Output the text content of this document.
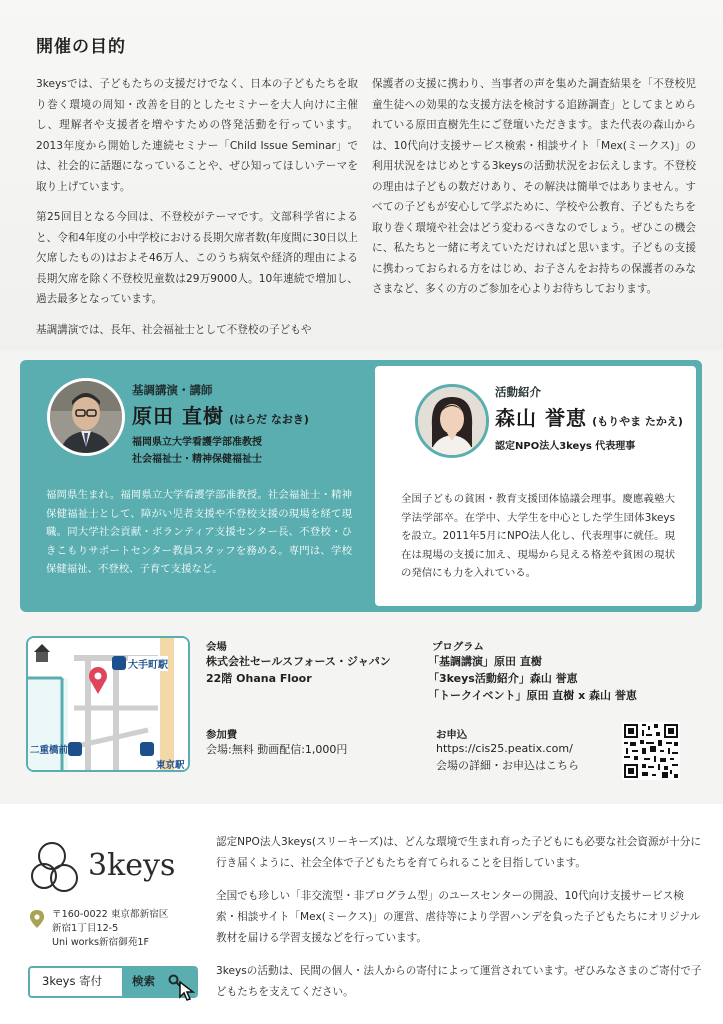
開催の目的

3keysでは、子どもたちの支援だけでなく、日本の子どもたちを取り巻く環境の周知・改善を目的としたセミナーを大人向けに主催し、理解者や支援者を増やすための啓発活動を行っています。2013年度から開始した連続セミナー「Child Issue Seminar」では、社会的に話題になっていることや、ぜひ知ってほしいテーマを取り上げています。

第25回目となる今回は、不登校がテーマです。文部科学省によると、令和4年度の小中学校における長期欠席者数(年度間に30日以上欠席したもの)はおよそ46万人、このうち病気や経済的理由による長期欠席を除く不登校児童数は29万9000人。10年連続で増加し、過去最多となっています。

基調講演では、長年、社会福祉士として不登校の子どもや

保護者の支援に携わり、当事者の声を集めた調査結果を「不登校児童生徒への効果的な支援方法を検討する追跡調査」としてまとめられている原田直樹先生にご登壇いただきます。また代表の森山からは、10代向け支援サービス検索・相談サイト「Mex(ミークス)」の利用状況をはじめとする3keysの活動状況をお伝えします。不登校の理由は子どもの数だけあり、その解決は簡単ではありません。すべての子どもが安心して学ぶために、学校や公教育、子どもたちを取り巻く環境や社会はどう変わるべきなのでしょう。ぜひこの機会に、私たちと一緒に考えていただければと思います。子どもの支援に携わっておられる方をはじめ、お子さんをお持ちの保護者のみなさまなど、多くの方のご参加を心よりお待ちしております。

基調講演・講師
原田 直樹 (はらだ なおき)
福岡県立大学看護学部准教授
社会福祉士・精神保健福祉士

福岡県生まれ。福岡県立大学看護学部准教授。社会福祉士・精神保健福祉士として、障がい児者支援や不登校支援の現場を経て現職。同大学社会貢献・ボランティア支援センター長、不登校・ひきこもりサポートセンター教員スタッフを務める。専門は、学校保健福祉、不登校、子育て支援など。

活動紹介
森山 誉恵 (もりやま たかえ)
認定NPO法人3keys 代表理事

全国子どもの貧困・教育支援団体協議会理事。慶應義塾大学法学部卒。在学中、大学生を中心とした学生団体3keysを設立。2011年5月にNPO法人化し、代表理事に就任。現在は現場の支援に加え、現場から見える格差や貧困の現状の発信にも力を入れている。

大手町駅
二重橋前駅
東京駅
会場
株式会社セールスフォース・ジャパン
22階 Ohana Floor
参加費
会場:無料 動画配信:1,000円
プログラム
「基調講演」原田 直樹
「3keys活動紹介」森山 誉恵
「トークイベント」原田 直樹 x 森山 誉恵
お申込
https://cis25.peatix.com/
会場の詳細・お申込はこちら
3keys
〒160-0022 東京都新宿区
新宿1丁目12-5
Uni works新宿御苑1F
3keys 寄付	検索

認定NPO法人3keys(スリーキーズ)は、どんな環境で生まれ育った子どもにも必要な社会資源が十分に行き届くように、社会全体で子どもたちを育てられることを目指しています。

全国でも珍しい「非交流型・非プログラム型」のユースセンターの開設、10代向け支援サービス検索・相談サイト「Mex(ミークス)」の運営、虐待等により学習ハンデを負った子どもたちにオリジナル教材を届ける学習支援などを行っています。

3keysの活動は、民間の個人・法人からの寄付によって運営されています。ぜひみなさまのご寄付で子どもたちを支えてください。
